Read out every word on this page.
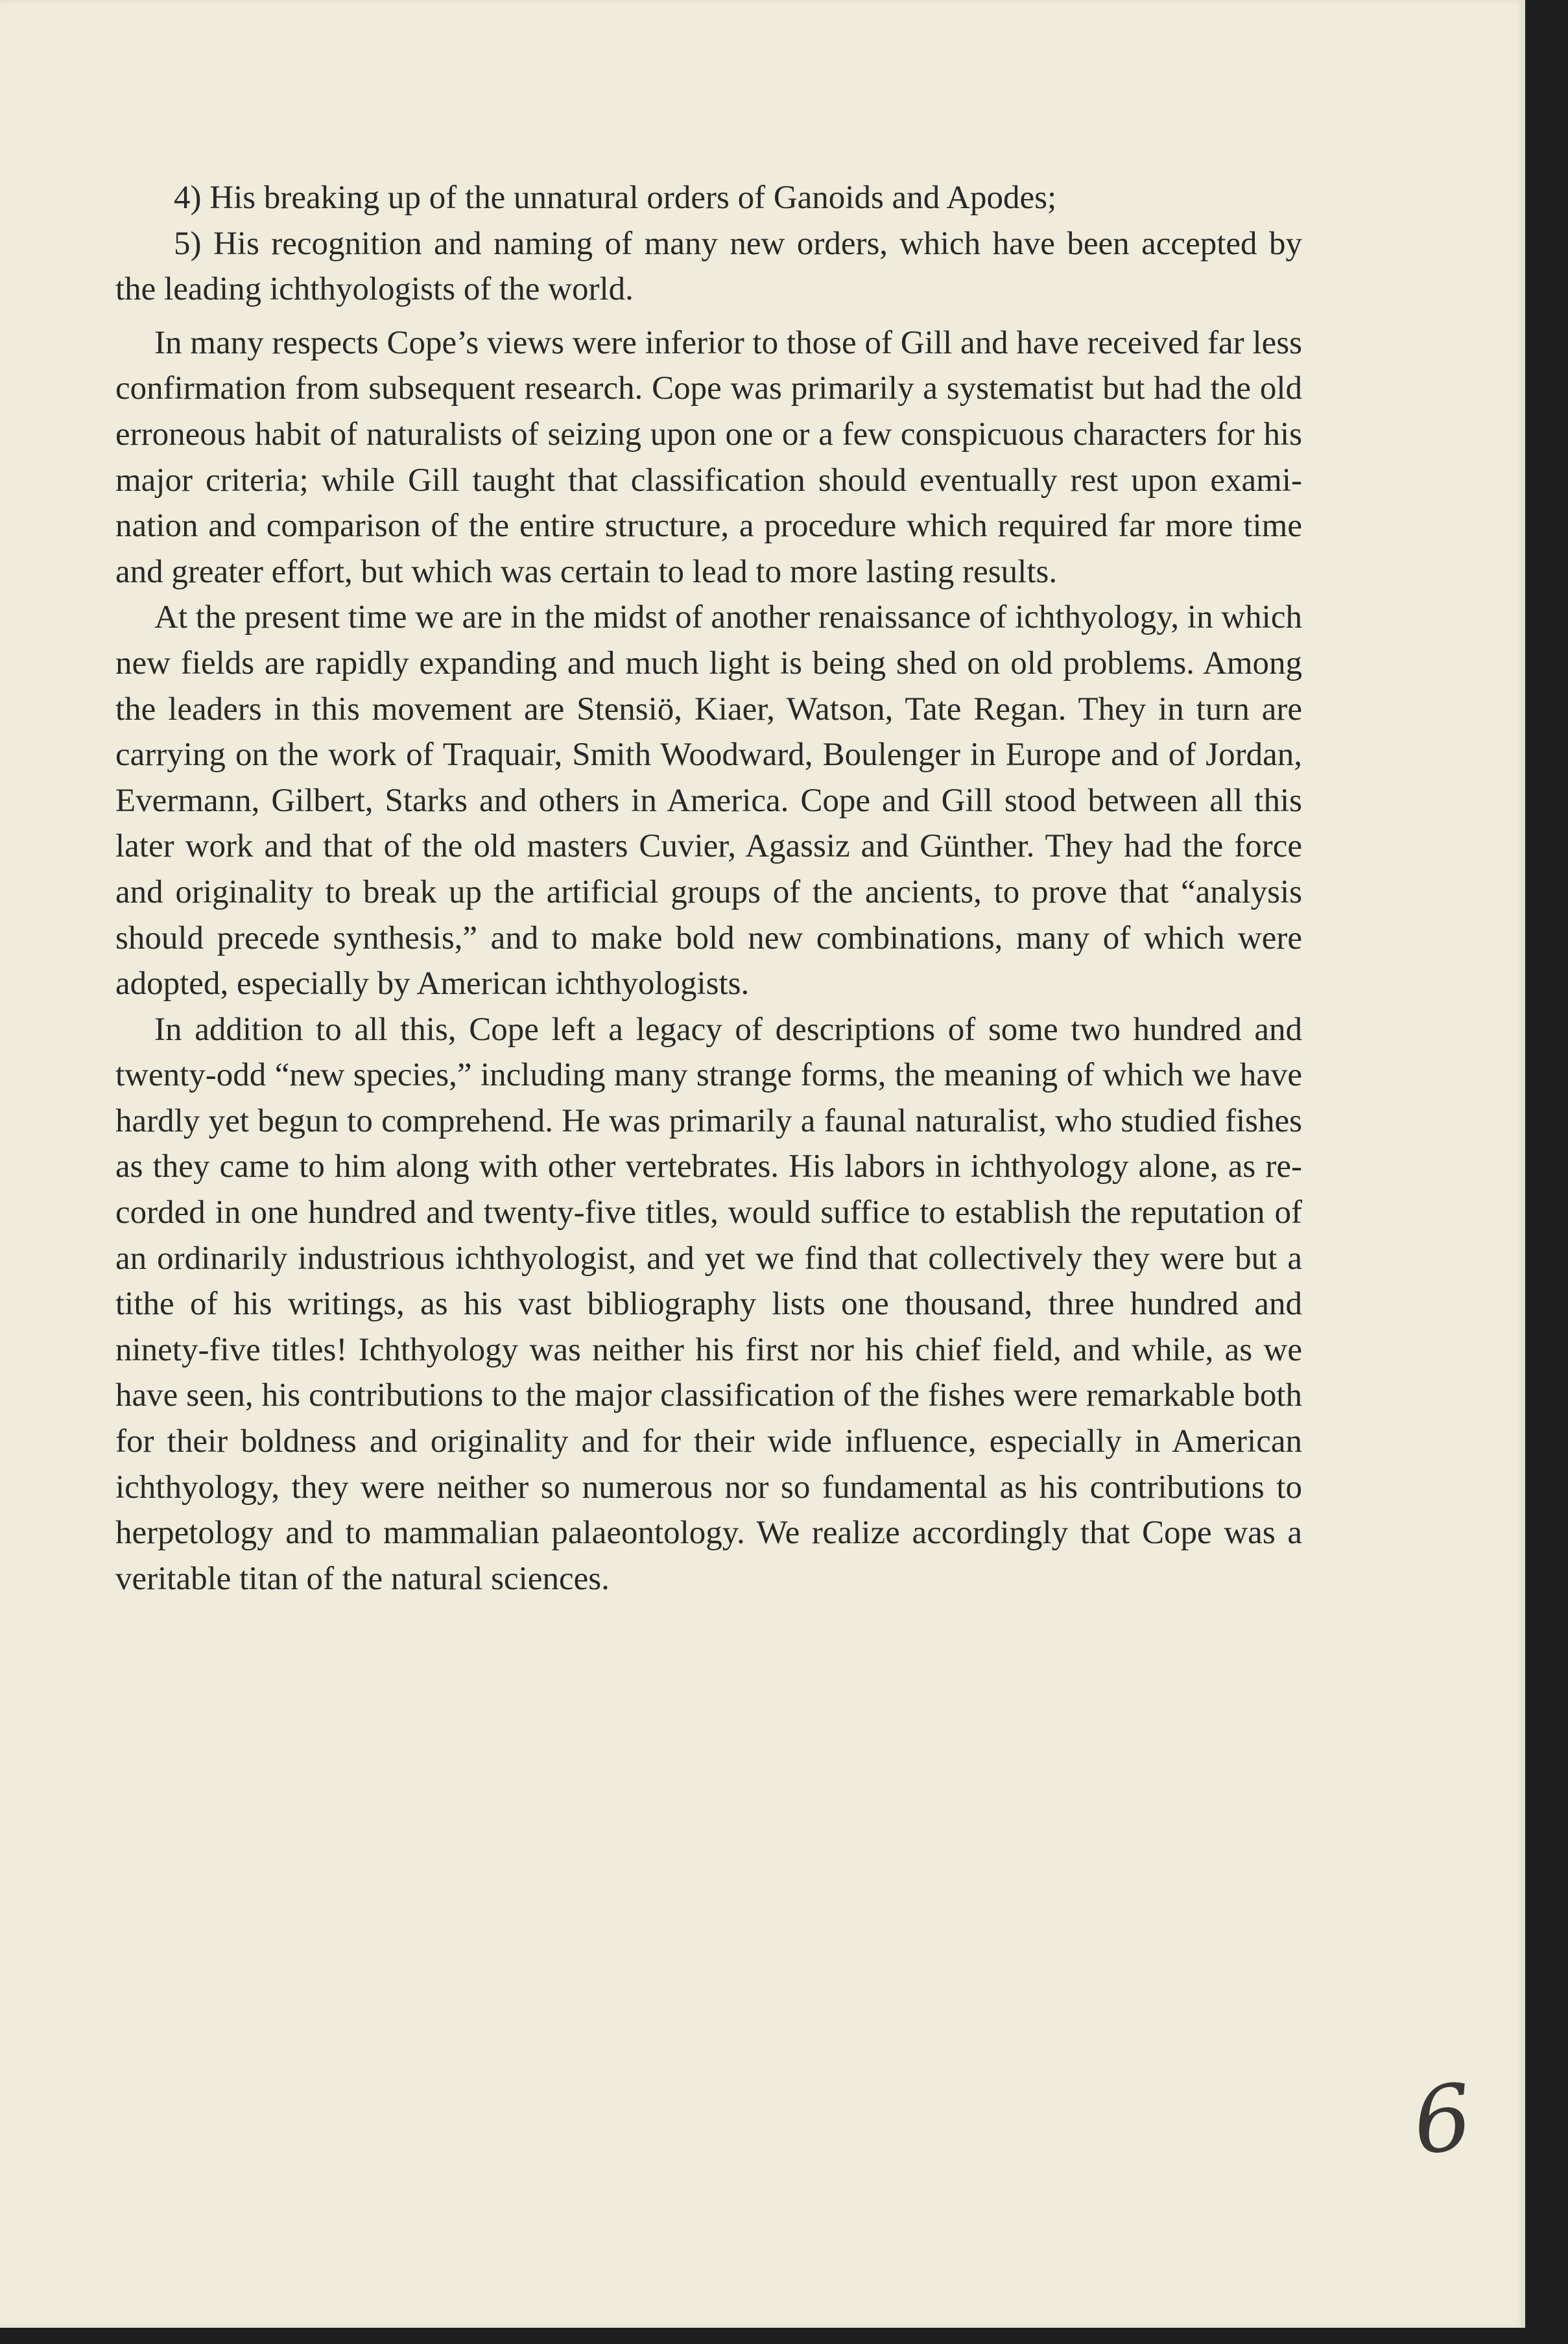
4) His breaking up of the unnatural orders of Ganoids and Apodes;

5) His recognition and naming of many new orders, which have been accepted by the leading ichthyologists of the world.

In many respects Cope’s views were inferior to those of Gill and have received far less confirmation from subsequent research. Cope was primarily a systematist but had the old erroneous habit of naturalists of seizing upon one or a few conspicuous characters for his major criteria; while Gill taught that classification should eventually rest upon examination and comparison of the entire structure, a procedure which required far more time and greater effort, but which was certain to lead to more lasting results.

At the present time we are in the midst of another renaissance of ichthyology, in which new fields are rapidly expanding and much light is being shed on old problems. Among the leaders in this movement are Stensiö, Kiaer, Watson, Tate Regan. They in turn are carrying on the work of Traquair, Smith Woodward, Boulenger in Europe and of Jordan, Evermann, Gilbert, Starks and others in America. Cope and Gill stood between all this later work and that of the old masters Cuvier, Agassiz and Günther. They had the force and originality to break up the artificial groups of the ancients, to prove that “analysis should precede synthesis,” and to make bold new combinations, many of which were adopted, especially by American ichthyologists.

In addition to all this, Cope left a legacy of descriptions of some two hundred and twenty-odd “new species,” including many strange forms, the meaning of which we have hardly yet begun to comprehend. He was primarily a faunal naturalist, who studied fishes as they came to him along with other vertebrates. His labors in ichthyology alone, as recorded in one hundred and twenty-five titles, would suffice to establish the reputation of an ordinarily industrious ichthyologist, and yet we find that collectively they were but a tithe of his writings, as his vast bibliography lists one thousand, three hundred and ninety-five titles! Ichthyology was neither his first nor his chief field, and while, as we have seen, his contributions to the major classification of the fishes were remarkable both for their boldness and originality and for their wide influence, especially in American ichthyology, they were neither so numerous nor so fundamental as his contributions to herpetology and to mammalian palaeontology. We realize accordingly that Cope was a veritable titan of the natural sciences.

6
